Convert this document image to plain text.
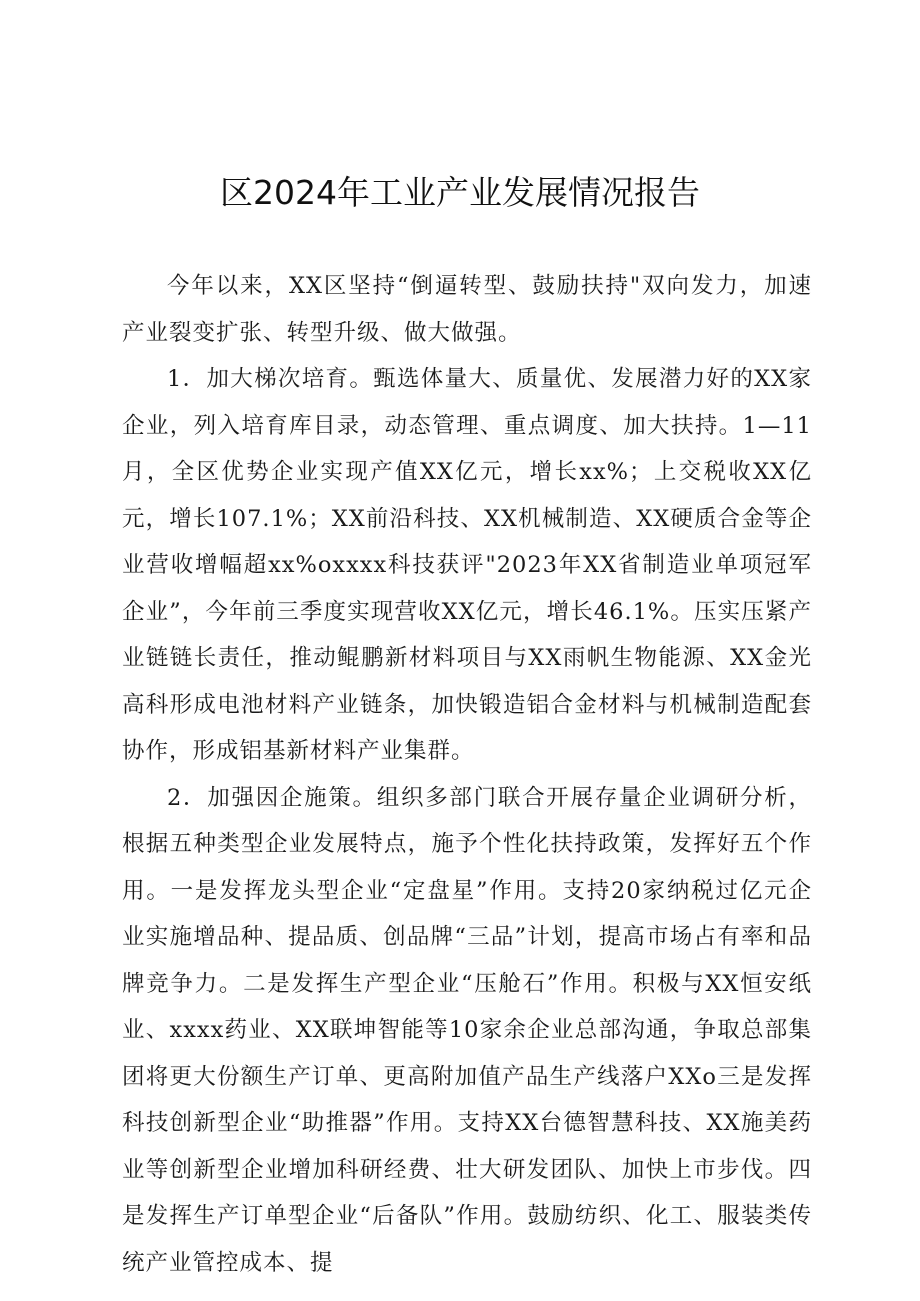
区2024年工业产业发展情况报告

今年以来，XX区坚持“倒逼转型、鼓励扶持"双向发力，加速产业裂变扩张、转型升级、做大做强。

1．加大梯次培育。甄选体量大、质量优、发展潜力好的XX家企业，列入培育库目录，动态管理、重点调度、加大扶持。1—11月，全区优势企业实现产值XX亿元，增长xx%；上交税收XX亿元，增长107.1%；XX前沿科技、XX机械制造、XX硬质合金等企业营收增幅超xx%oxxxx科技获评"2023年XX省制造业单项冠军企业”，今年前三季度实现营收XX亿元，增长46.1%。压实压紧产业链链长责任，推动鲲鹏新材料项目与XX雨帆生物能源、XX金光高科形成电池材料产业链条，加快锻造铝合金材料与机械制造配套协作，形成铝基新材料产业集群。

2．加强因企施策。组织多部门联合开展存量企业调研分析，根据五种类型企业发展特点，施予个性化扶持政策，发挥好五个作用。一是发挥龙头型企业“定盘星”作用。支持20家纳税过亿元企业实施增品种、提品质、创品牌“三品”计划，提高市场占有率和品牌竞争力。二是发挥生产型企业“压舱石”作用。积极与XX恒安纸业、xxxx药业、XX联坤智能等10家余企业总部沟通，争取总部集团将更大份额生产订单、更高附加值产品生产线落户XXo三是发挥科技创新型企业“助推器”作用。支持XX台德智慧科技、XX施美药业等创新型企业增加科研经费、壮大研发团队、加快上市步伐。四是发挥生产订单型企业“后备队”作用。鼓励纺织、化工、服装类传统产业管控成本、提
